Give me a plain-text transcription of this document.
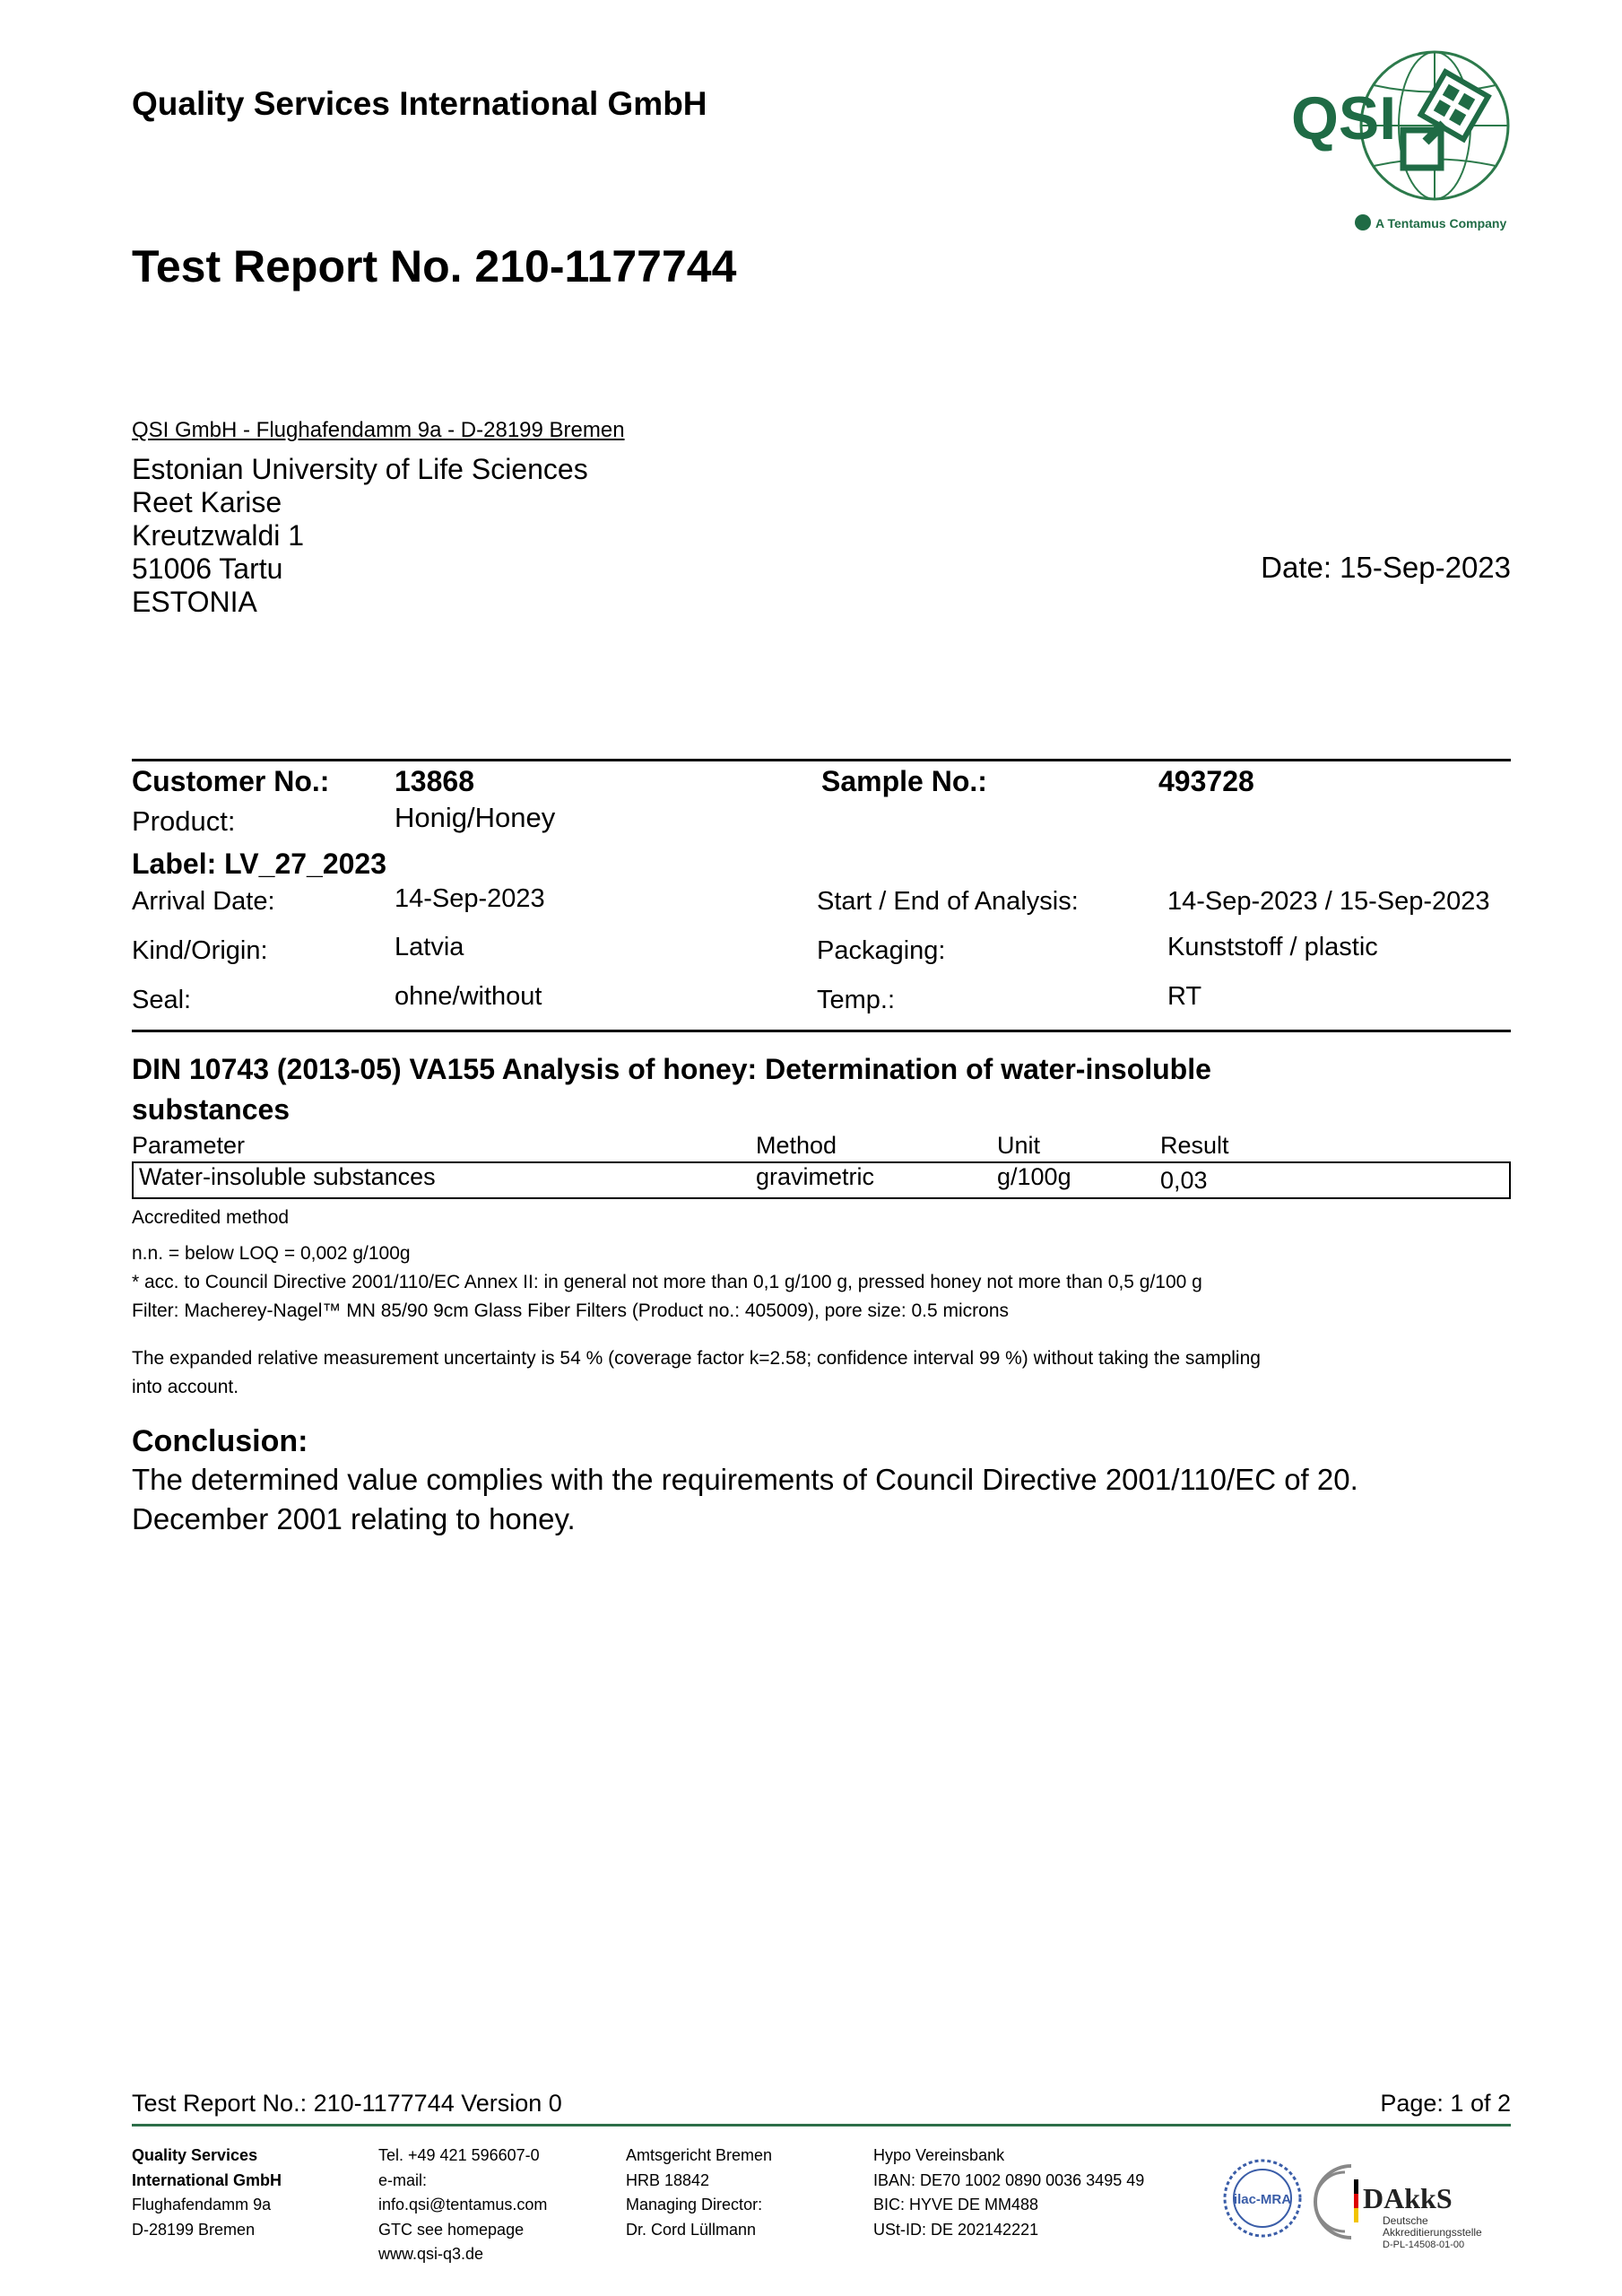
Quality Services International GmbH	QSI
A Tentamus Company
Test Report No. 210-1177744
QSI GmbH - Flughafendamm 9a - D-28199 Bremen
Estonian University of Life Sciences
Reet Karise
Kreutzwaldi 1
51006 Tartu
ESTONIA
Date: 15-Sep-2023
Customer No.: 13868	Sample No.:	493728
Product:	Honig/Honey
Label: LV_27_2023
Arrival Date:	14-Sep-2023	Start / End of Analysis:	14-Sep-2023 / 15-Sep-2023
Kind/Origin:	Latvia	Packaging:	Kunststoff / plastic
Seal:	ohne/without	Temp.:	RT
DIN 10743 (2013-05) VA155 Analysis of honey: Determination of water-insoluble substances
Parameter	Method	Unit	Result
Water-insoluble substances	gravimetric	g/100g	0,03
Accredited method
n.n. = below LOQ = 0,002 g/100g
* acc. to Council Directive 2001/110/EC Annex II: in general not more than 0,1 g/100 g, pressed honey not more than 0,5 g/100 g
Filter: Macherey-Nagel™ MN 85/90 9cm Glass Fiber Filters (Product no.: 405009), pore size: 0.5 microns
The expanded relative measurement uncertainty is 54 % (coverage factor k=2.58; confidence interval 99 %) without taking the sampling
into account.
Conclusion:
The determined value complies with the requirements of Council Directive 2001/110/EC of 20. December 2001 relating to honey.
Test Report No.: 210-1177744 Version 0	Page: 1 of 2
Quality Services
International GmbH
Flughafendamm 9a
D-28199 Bremen
Tel. +49 421 596607-0
e-mail:
info.qsi@tentamus.com
GTC see homepage
www.qsi-q3.de
Amtsgericht Bremen
HRB 18842
Managing Director:
Dr. Cord Lüllmann
Hypo Vereinsbank
IBAN: DE70 1002 0890 0036 3495 49
BIC: HYVE DE MM488
USt-ID: DE 202142221
ilac-MRA DAkkS
Deutsche
Akkreditierungsstelle
D-PL-14508-01-00
